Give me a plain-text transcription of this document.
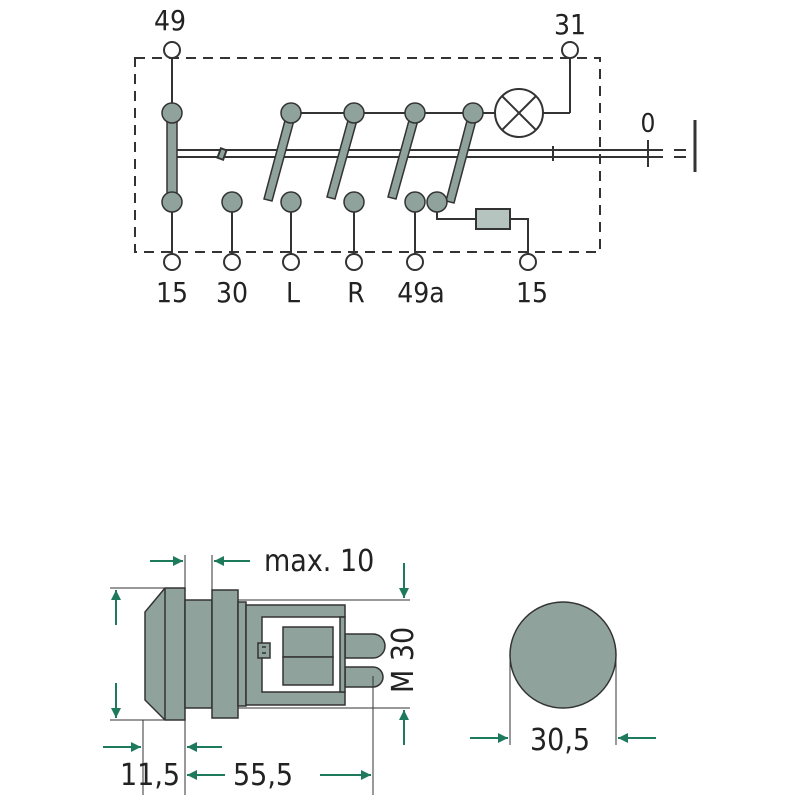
49	31
0
15 30 L R 49a	15
max. 10
M 30
11,5 55,5
30,5
